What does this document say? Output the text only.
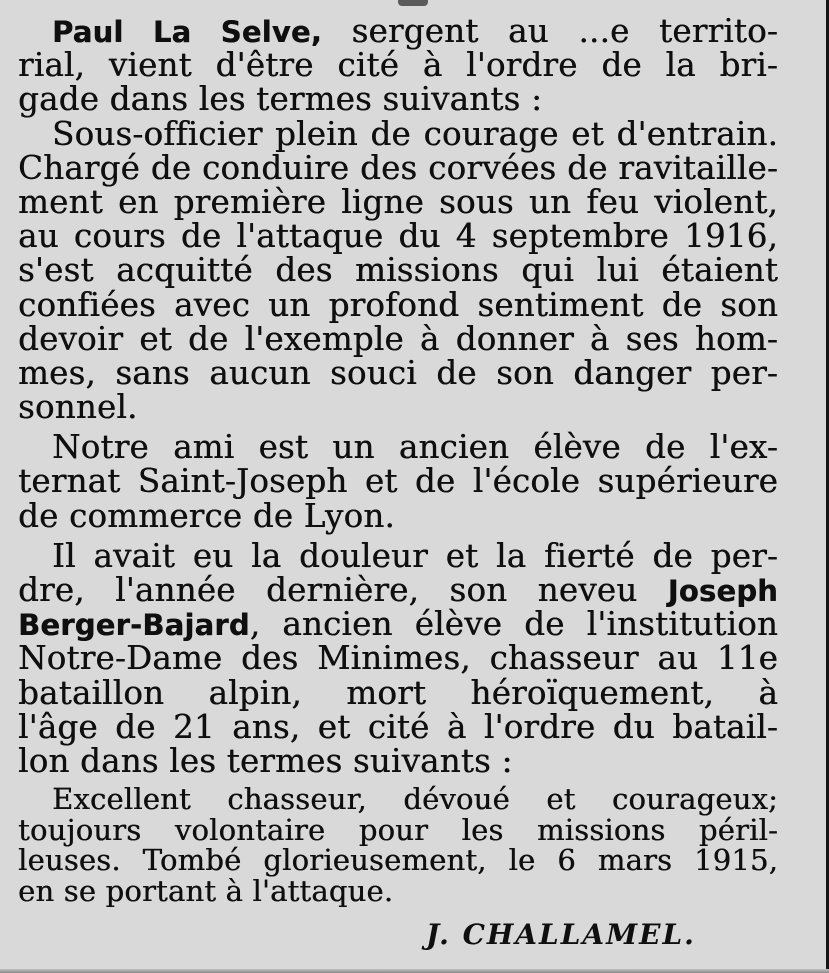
Paul La Selve, sergent au ...e territo-
rial, vient d'être cité à l'ordre de la bri-
gade dans les termes suivants :
Sous-officier plein de courage et d'entrain.
Chargé de conduire des corvées de ravitaille-
ment en première ligne sous un feu violent,
au cours de l'attaque du 4 septembre 1916,
s'est acquitté des missions qui lui étaient
confiées avec un profond sentiment de son
devoir et de l'exemple à donner à ses hom-
mes, sans aucun souci de son danger per-
sonnel.
Notre ami est un ancien élève de l'ex-
ternat Saint-Joseph et de l'école supérieure
de commerce de Lyon.
Il avait eu la douleur et la fierté de per-
dre, l'année dernière, son neveu Joseph
Berger-Bajard, ancien élève de l'institution
Notre-Dame des Minimes, chasseur au 11e
bataillon alpin, mort héroïquement, à
l'âge de 21 ans, et cité à l'ordre du batail-
lon dans les termes suivants :
Excellent chasseur, dévoué et courageux;
toujours volontaire pour les missions péril-
leuses. Tombé glorieusement, le 6 mars 1915,
en se portant à l'attaque.
J. CHALLAMEL.
